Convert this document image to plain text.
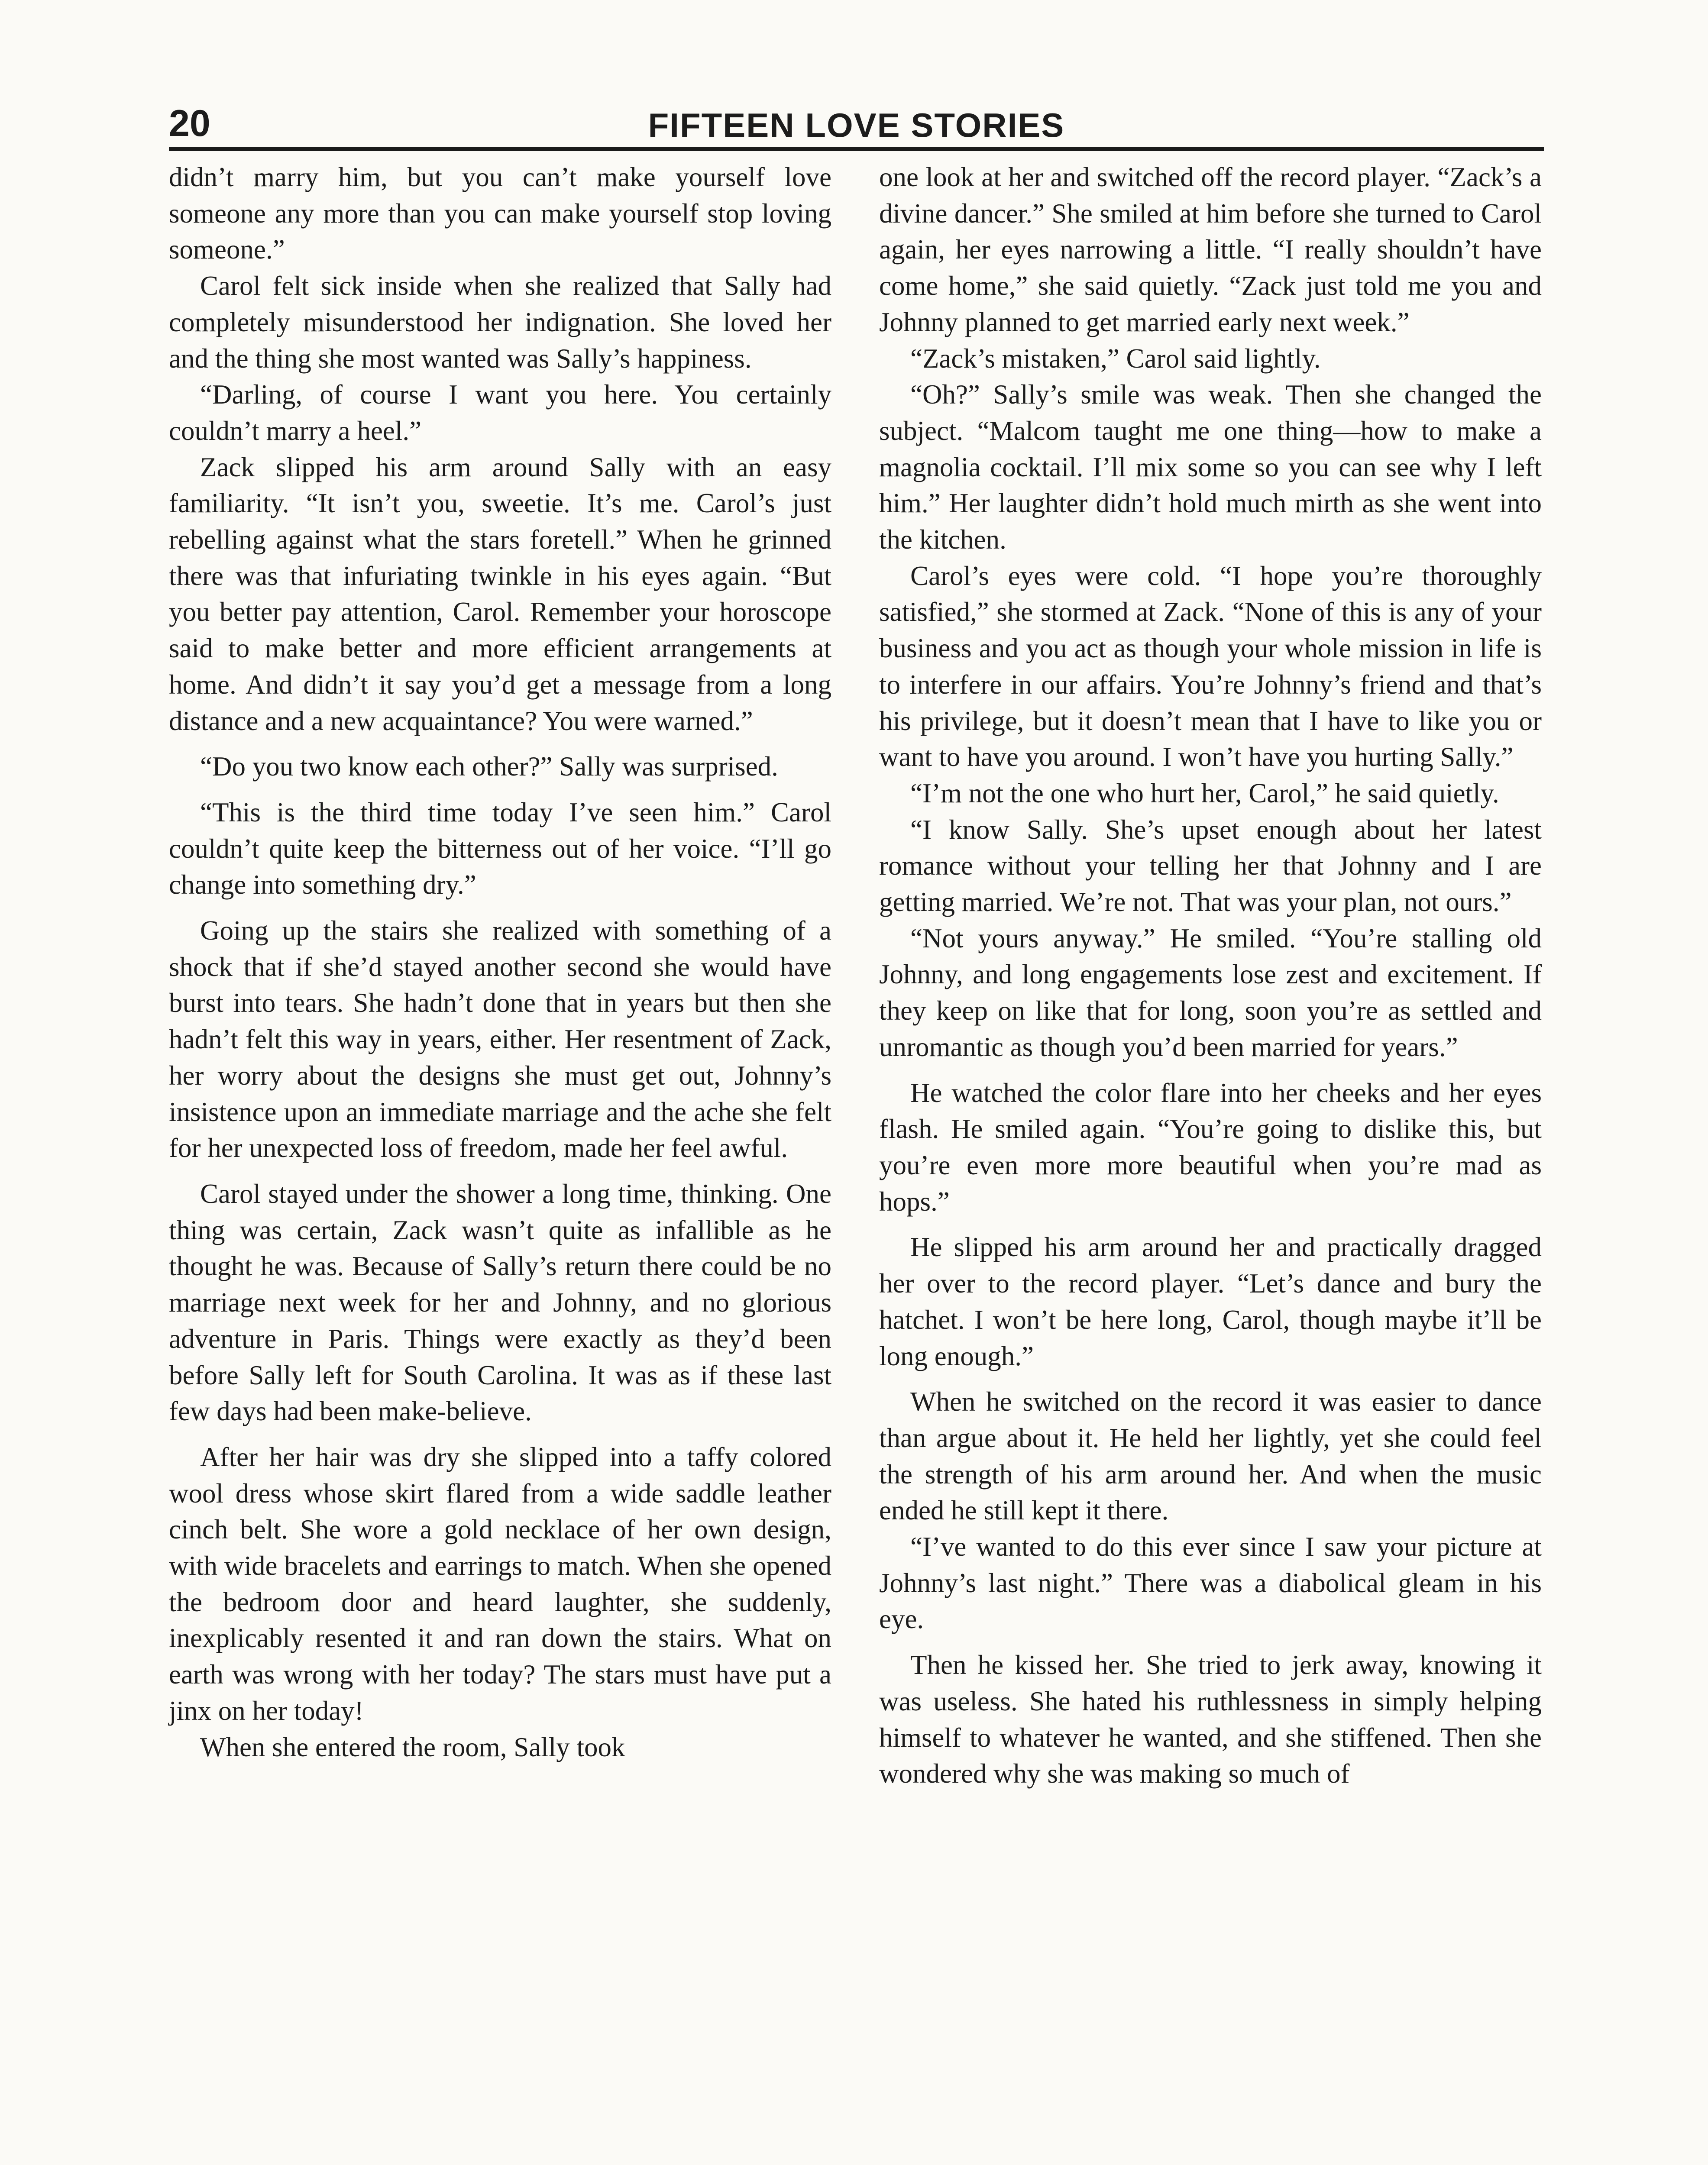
20	FIFTEEN LOVE STORIES

didn’t marry him, but you can’t make yourself love someone any more than you can make yourself stop loving someone.”

Carol felt sick inside when she realized that Sally had completely misunderstood her indignation. She loved her and the thing she most wanted was Sally’s happiness.

“Darling, of course I want you here. You certainly couldn’t marry a heel.”

Zack slipped his arm around Sally with an easy familiarity. “It isn’t you, sweetie. It’s me. Carol’s just rebelling against what the stars foretell.” When he grinned there was that infuriating twinkle in his eyes again. “But you better pay attention, Carol. Remember your horoscope said to make better and more efficient arrangements at home. And didn’t it say you’d get a message from a long distance and a new acquaintance? You were warned.”

“Do you two know each other?” Sally was surprised.

“This is the third time today I’ve seen him.” Carol couldn’t quite keep the bitterness out of her voice. “I’ll go change into something dry.”

Going up the stairs she realized with something of a shock that if she’d stayed another second she would have burst into tears. She hadn’t done that in years but then she hadn’t felt this way in years, either. Her resentment of Zack, her worry about the designs she must get out, Johnny’s insistence upon an immediate marriage and the ache she felt for her unexpected loss of freedom, made her feel awful.

Carol stayed under the shower a long time, thinking. One thing was certain, Zack wasn’t quite as infallible as he thought he was. Because of Sally’s return there could be no marriage next week for her and Johnny, and no glorious adventure in Paris. Things were exactly as they’d been before Sally left for South Carolina. It was as if these last few days had been make-believe.

After her hair was dry she slipped into a taffy colored wool dress whose skirt flared from a wide saddle leather cinch belt. She wore a gold necklace of her own design, with wide bracelets and earrings to match. When she opened the bedroom door and heard laughter, she suddenly, inexplicably resented it and ran down the stairs. What on earth was wrong with her today? The stars must have put a jinx on her today!

When she entered the room, Sally took

one look at her and switched off the record player. “Zack’s a divine dancer.” She smiled at him before she turned to Carol again, her eyes narrowing a little. “I really shouldn’t have come home,” she said quietly. “Zack just told me you and Johnny planned to get married early next week.”

“Zack’s mistaken,” Carol said lightly.

“Oh?” Sally’s smile was weak. Then she changed the subject. “Malcom taught me one thing—how to make a magnolia cocktail. I’ll mix some so you can see why I left him.” Her laughter didn’t hold much mirth as she went into the kitchen.

Carol’s eyes were cold. “I hope you’re thoroughly satisfied,” she stormed at Zack. “None of this is any of your business and you act as though your whole mission in life is to interfere in our affairs. You’re Johnny’s friend and that’s his privilege, but it doesn’t mean that I have to like you or want to have you around. I won’t have you hurting Sally.”

“I’m not the one who hurt her, Carol,” he said quietly.

“I know Sally. She’s upset enough about her latest romance without your telling her that Johnny and I are getting married. We’re not. That was your plan, not ours.”

“Not yours anyway.” He smiled. “You’re stalling old Johnny, and long engagements lose zest and excitement. If they keep on like that for long, soon you’re as settled and unromantic as though you’d been married for years.”

He watched the color flare into her cheeks and her eyes flash. He smiled again. “You’re going to dislike this, but you’re even more more beautiful when you’re mad as hops.”

He slipped his arm around her and practically dragged her over to the record player. “Let’s dance and bury the hatchet. I won’t be here long, Carol, though maybe it’ll be long enough.”

When he switched on the record it was easier to dance than argue about it. He held her lightly, yet she could feel the strength of his arm around her. And when the music ended he still kept it there.

“I’ve wanted to do this ever since I saw your picture at Johnny’s last night.” There was a diabolical gleam in his eye.

Then he kissed her. She tried to jerk away, knowing it was useless. She hated his ruthlessness in simply helping himself to whatever he wanted, and she stiffened. Then she wondered why she was making so much of
